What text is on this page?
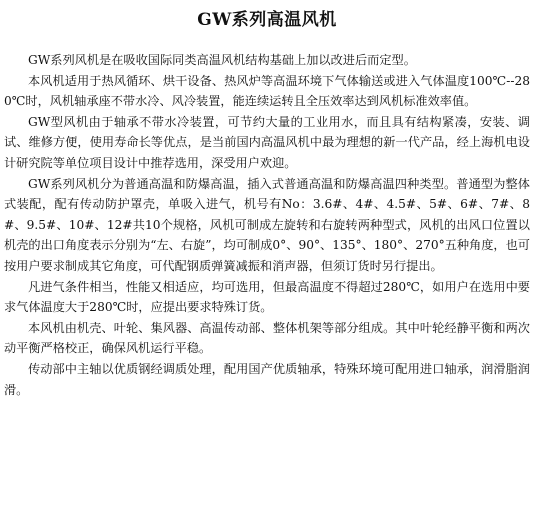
GW系列高温风机

GW系列风机是在吸收国际同类高温风机结构基础上加以改进后而定型。

本风机适用于热风循环、烘干设备、热风炉等高温环境下气体输送或进入气体温度100℃--280℃时，风机轴承座不带水冷、风冷装置，能连续运转且全压效率达到风机标准效率值。

GW型风机由于轴承不带水冷装置，可节约大量的工业用水，而且具有结构紧凑，安装、调试、维修方便，使用寿命长等优点，是当前国内高温风机中最为理想的新一代产品，经上海机电设计研究院等单位项目设计中推荐选用，深受用户欢迎。

GW系列风机分为普通高温和防爆高温，插入式普通高温和防爆高温四种类型。普通型为整体式装配，配有传动防护罩壳，单吸入进气，机号有No：3.6#、4#、4.5#、5#、6#、7#、8#、9.5#、10#、12#共10个规格，风机可制成左旋转和右旋转两种型式，风机的出风口位置以机壳的出口角度表示分别为“左、右旋”，均可制成0°、90°、135°、180°、270°五种角度，也可按用户要求制成其它角度，可代配钢质弹簧减振和消声器，但须订货时另行提出。

凡进气条件相当，性能又相适应，均可选用，但最高温度不得超过280℃，如用户在选用中要求气体温度大于280℃时，应提出要求特殊订货。

本风机由机壳、叶轮、集风器、高温传动部、整体机架等部分组成。其中叶轮经静平衡和两次动平衡严格校正，确保风机运行平稳。

传动部中主轴以优质钢经调质处理，配用国产优质轴承，特殊环境可配用进口轴承，润滑脂润滑。
